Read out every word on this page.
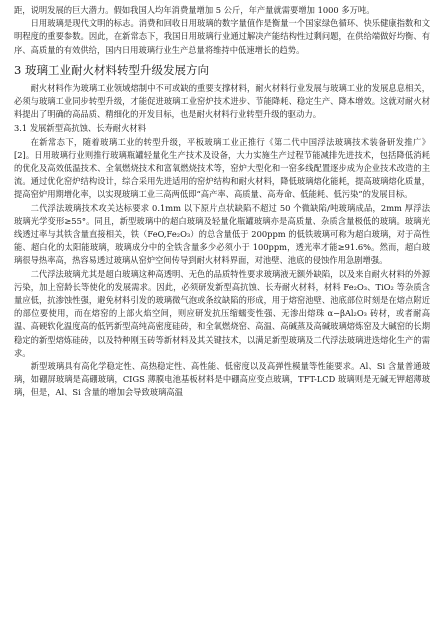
距，说明发展的巨大潜力。假如我国人均年消费量增加 5 公斤，年产量就需要增加 1000 多万吨。

日用玻璃是现代文明的标志。消费和回收日用玻璃的数字量值作是衡量一个国家绿色循环、快乐健康指数和文明程度的重要参数。因此，在新常态下，我国日用玻璃行业通过解决产能结构性过剩问题，在供给端做好均衡、有序、高质量的有效供给，国内日用玻璃行业生产总量将维持中低速增长的趋势。

3 玻璃工业耐火材料转型升级发展方向

耐火材料作为玻璃工业领域熔制中不可或缺的重要支撑材料，耐火材料行业发展与玻璃工业的发展息息相关，必须与玻璃工业同步转型升级，才能促进玻璃工业窑炉技术进步、节能降耗、稳定生产、降本增效。这就对耐火材料提出了明确的高品质、精细化的开发目标，也是耐火材料行业转型升级的驱动力。

3.1 发展新型高抗蚀、长寿耐火材料

在新常态下，随着玻璃工业的转型升级，平板玻璃工业正推行《第二代中国浮法玻璃技术装备研发推广》[2]。日用玻璃行业则推行玻璃瓶罐轻量化生产技术及设备，大力实施生产过程节能减排先进技术，包括降低消耗的优化及高效低温技术、全氧燃烧技术和富氧燃烧技术等，窑炉大型化和一窑多线配置逐步成为企业技术改造的主流。通过优化窑炉结构设计，综合采用先进适用的窑炉结构和耐火材料，降低玻璃熔化能耗，提高玻璃熔化质量，提高窑炉用期增化率，以实现玻璃工业三高两低即“高产率、高质量、高寿命、低能耗、低污染”的发展目标。

二代浮法玻璃技术攻关达标要求 0.1mm 以下原片点状缺陷不超过 50 个微缺陷/吨玻璃成品，2mm 厚浮法玻璃光学变形≥55°。同且，新型玻璃中的超白玻璃及轻量化瓶罐玻璃亦是高质量、杂质含量极低的玻璃。玻璃光线透过率与其铁含量直接相关，铁（FeO,Fe₂O₃）的总含量低于 200ppm 的低铁玻璃可称为超白玻璃，对于高性能、超白化的太阳能玻璃，玻璃成分中的全铁含量多少必须小于 100ppm，透光率才能≥91.6%。然而，超白玻璃很导热率高，热容易透过玻璃从窑炉空间传导到耐火材料界面，对池壁、池底的侵蚀作用急剧增强。

二代浮法玻璃尤其是超白玻璃这种高透明、无色的品质特性要求玻璃液无额外缺陷，以及来自耐火材料的外源污染，加上窑龄长等使化的发展需求。因此，必须研发新型高抗蚀、长寿耐火材料，材料 Fe₂O₃、TiO₂ 等杂质含量应低，抗渗蚀性强，避免材料引发的玻璃微气泡或条纹缺陷的形成，用于熔窑池壁、池底部位时刻是在熔点附近的部位要使用，而在熔窑的上部火焰空间，则应研发抗压缩蠕变性强、无渗出熔珠 α−βAl₂O₃ 砖材，或者耐高温、高硬软化温度高的低钙新型高纯高密度硅砖，和全氧燃烧窑、高温、高碱蒸及高碱玻璃熔炼窑及大碱窑的长期稳定的新型熔炼硅砖，以及特种刚玉砖等新材料及其关键技术，以满足新型玻璃及二代浮法玻璃进迭熔化生产的需求。

新型玻璃具有高化学稳定性、高热稳定性、高性能、低密度以及高弹性模量等性能要求。Al、Si 含量普通玻璃，如硼屏玻璃是高硼玻璃，CIGS 薄膜电池基板材料是中硼高应变点玻璃，TFT-LCD 玻璃则是无碱无钾超薄玻璃，但是，Al、Si 含量的增加会导致玻璃高温
